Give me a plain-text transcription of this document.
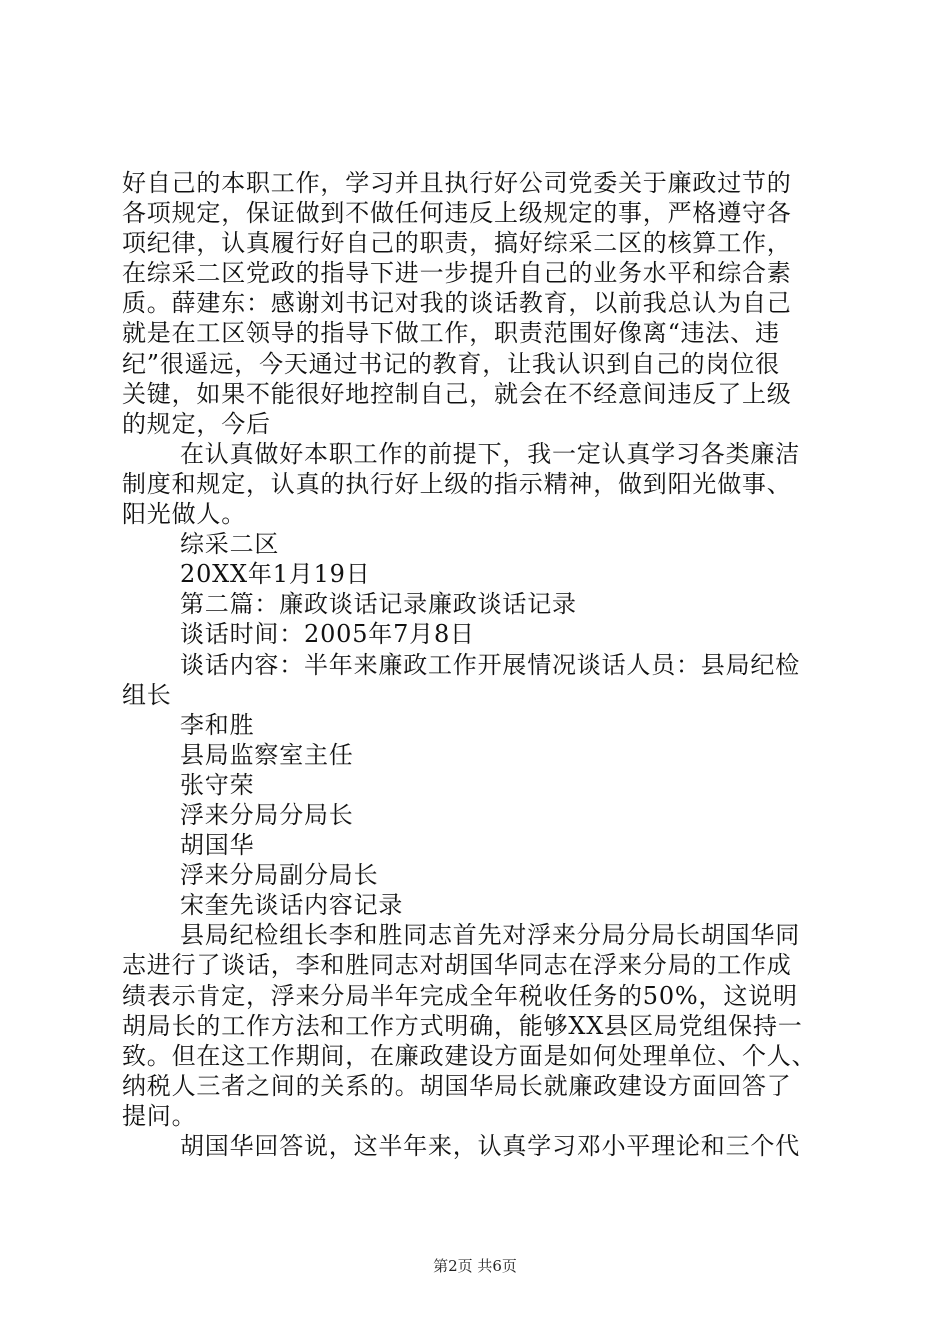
好自己的本职工作，学习并且执行好公司党委关于廉政过节的
各项规定，保证做到不做任何违反上级规定的事，严格遵守各
项纪律，认真履行好自己的职责，搞好综采二区的核算工作，
在综采二区党政的指导下进一步提升自己的业务水平和综合素
质。薛建东：感谢刘书记对我的谈话教育，以前我总认为自己
就是在工区领导的指导下做工作，职责范围好像离“违法、违
纪”很遥远，今天通过书记的教育，让我认识到自己的岗位很
关键，如果不能很好地控制自己，就会在不经意间违反了上级
的规定，今后
在认真做好本职工作的前提下，我一定认真学习各类廉洁
制度和规定，认真的执行好上级的指示精神，做到阳光做事、
阳光做人。
综采二区
20XX年1月19日
第二篇：廉政谈话记录廉政谈话记录
谈话时间：2005年7月8日
谈话内容：半年来廉政工作开展情况谈话人员：县局纪检
组长
李和胜
县局监察室主任
张守荣
浮来分局分局长
胡国华
浮来分局副分局长
宋奎先谈话内容记录
县局纪检组长李和胜同志首先对浮来分局分局长胡国华同
志进行了谈话，李和胜同志对胡国华同志在浮来分局的工作成
绩表示肯定，浮来分局半年完成全年税收任务的50%，这说明
胡局长的工作方法和工作方式明确，能够XX县区局党组保持一
致。但在这工作期间，在廉政建设方面是如何处理单位、个人、
纳税人三者之间的关系的。胡国华局长就廉政建设方面回答了
提问。
胡国华回答说，这半年来，认真学习邓小平理论和三个代
第2页 共6页
